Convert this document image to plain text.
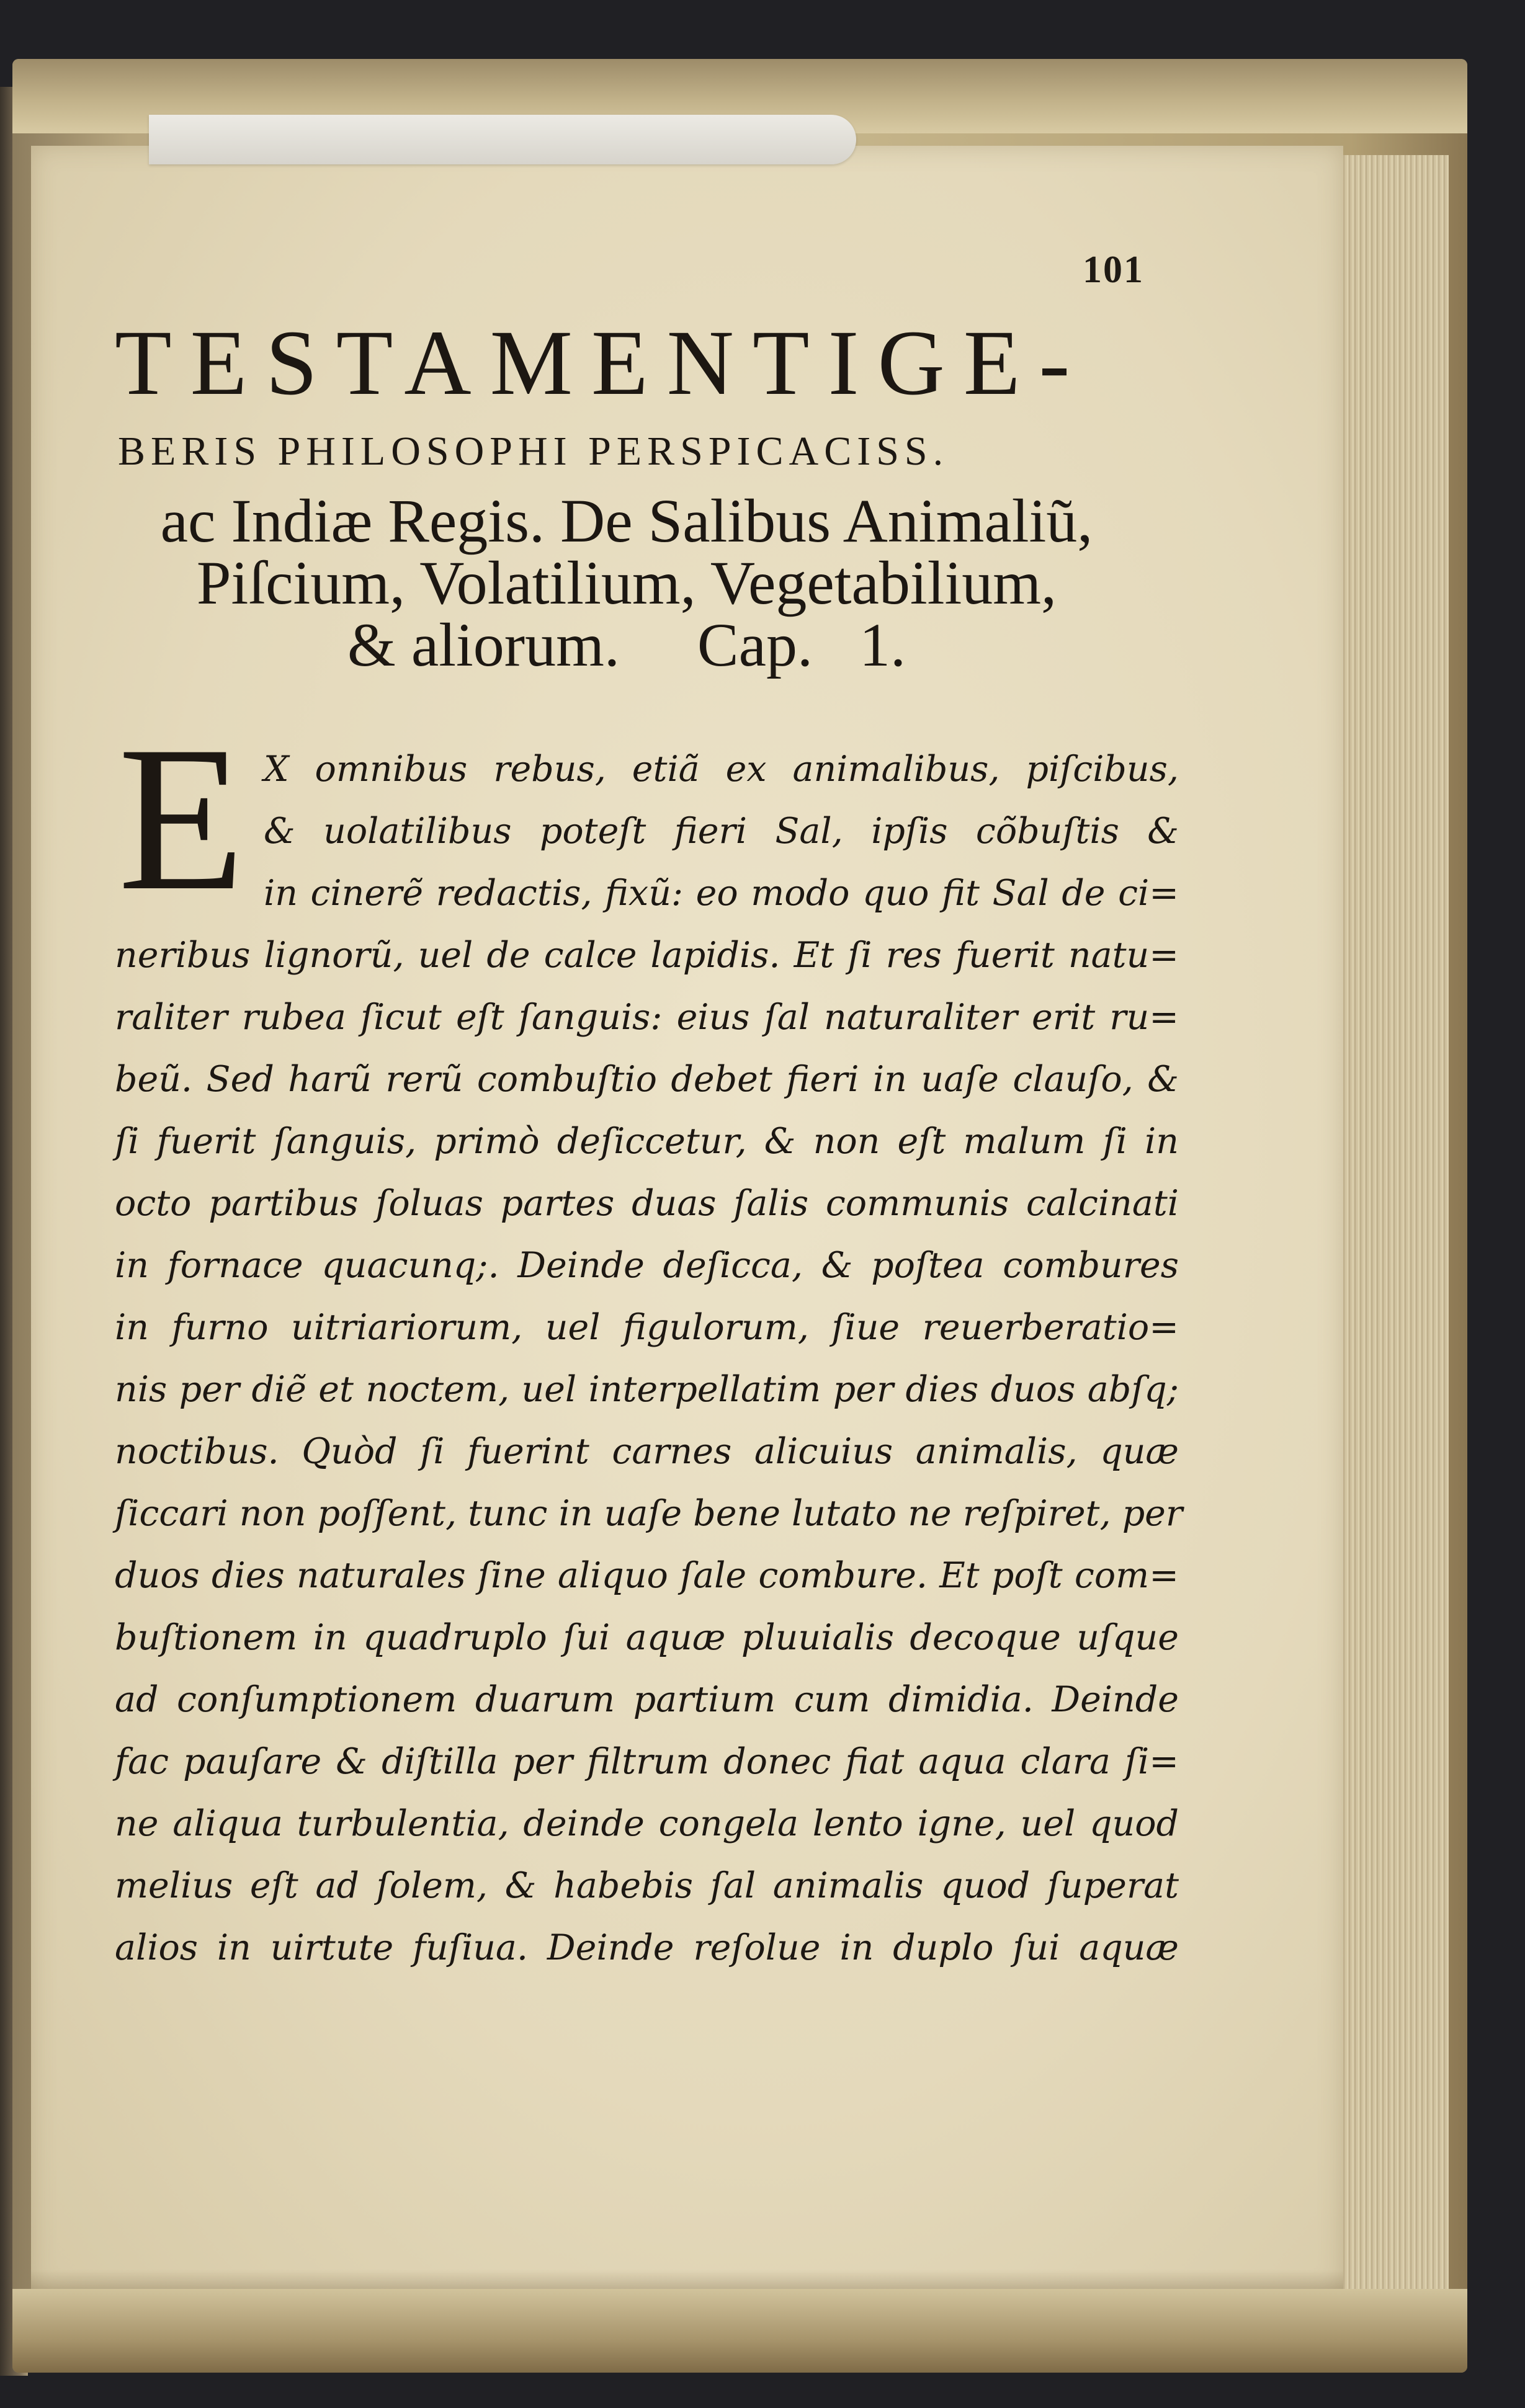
101
TESTAMENTIGE-
BERIS PHILOSOPHI PERSPICACISS.
ac Indiæ Regis. De Salibus Animaliũ,
Piſcium, Volatilium, Vegetabilium,
& aliorum.     Cap.   1.
E X omnibus rebus, etiã ex animalibus, piſcibus,
& uolatilibus poteſt fieri Sal, ipſis cõbuſtis &
in cinerẽ redactis, fixũ: eo modo quo fit Sal de ci=
neribus lignorũ, uel de calce lapidis. Et ſi res fuerit natu=
raliter rubea ſicut eſt ſanguis: eius ſal naturaliter erit ru=
beũ. Sed harũ rerũ combuſtio debet fieri in uaſe clauſo, &
ſi fuerit ſanguis, primò deſiccetur, & non eſt malum ſi in
octo partibus ſoluas partes duas ſalis communis calcinati
in fornace quacunq;. Deinde deſicca, & poſtea combures
in furno uitriariorum, uel figulorum, ſiue reuerberatio=
nis per diẽ et noctem, uel interpellatim per dies duos abſq;
noctibus. Quòd ſi fuerint carnes alicuius animalis, quæ
ſiccari non poſſent, tunc in uaſe bene lutato ne reſpiret, per
duos dies naturales ſine aliquo ſale combure. Et poſt com=
buſtionem in quadruplo ſui aquæ pluuialis decoque uſque
ad conſumptionem duarum partium cum dimidia. Deinde
fac pauſare & diſtilla per filtrum donec fiat aqua clara ſi=
ne aliqua turbulentia, deinde congela lento igne, uel quod
melius eſt ad ſolem, & habebis ſal animalis quod ſuperat
alios in uirtute fuſiua. Deinde reſolue in duplo ſui aquæ
